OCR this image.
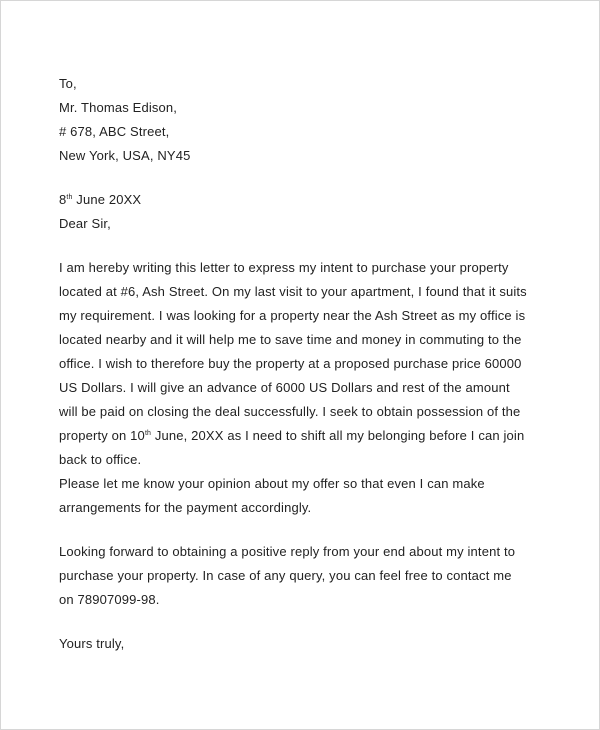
To,
Mr. Thomas Edison,
# 678, ABC Street,
New York, USA, NY45
8th June 20XX
Dear Sir,
I am hereby writing this letter to express my intent to purchase your property
located at #6, Ash Street. On my last visit to your apartment, I found that it suits
my requirement. I was looking for a property near the Ash Street as my office is
located nearby and it will help me to save time and money in commuting to the
office. I wish to therefore buy the property at a proposed purchase price 60000
US Dollars. I will give an advance of 6000 US Dollars and rest of the amount
will be paid on closing the deal successfully. I seek to obtain possession of the
property on 10th June, 20XX as I need to shift all my belonging before I can join
back to office.
Please let me know your opinion about my offer so that even I can make
arrangements for the payment accordingly.
Looking forward to obtaining a positive reply from your end about my intent to
purchase your property. In case of any query, you can feel free to contact me
on 78907099-98.
Yours truly,
